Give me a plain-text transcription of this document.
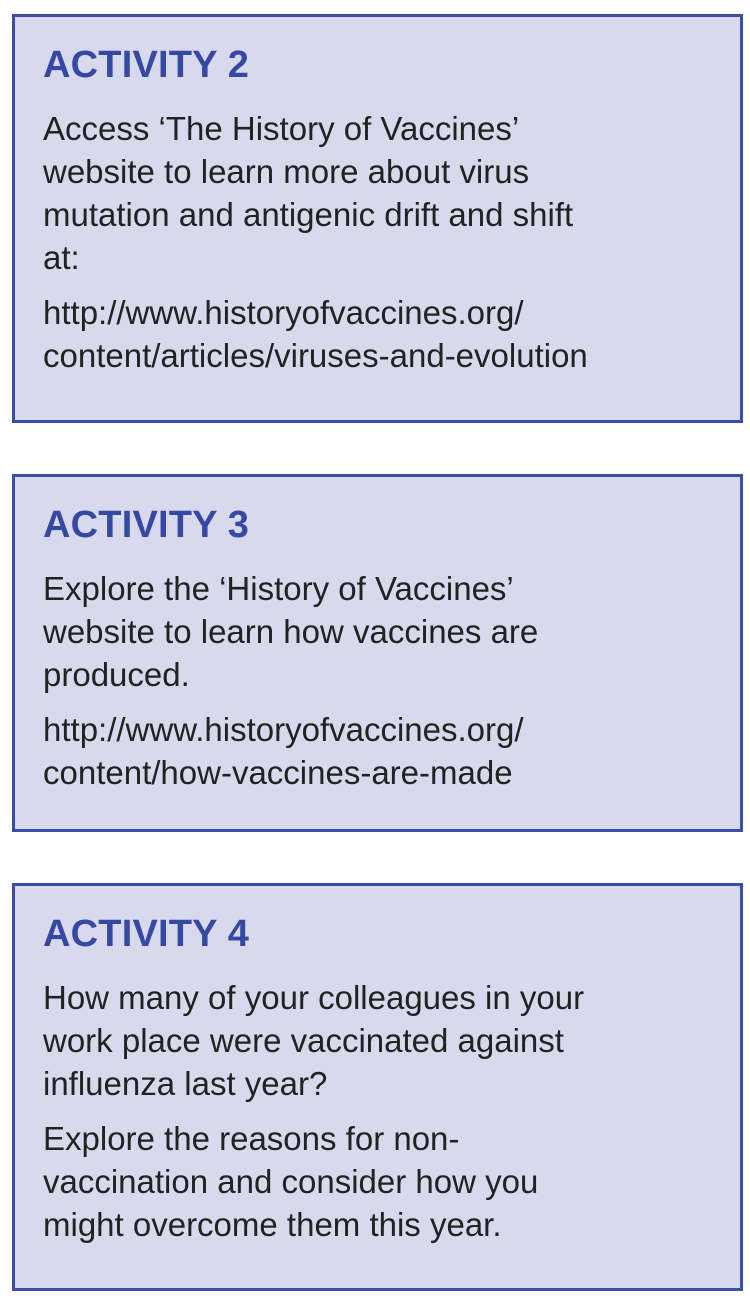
ACTIVITY 2

Access ‘The History of Vaccines’
website to learn more about virus
mutation and antigenic drift and shift
at:

http://www.historyofvaccines.org/
content/articles/viruses-and-evolution

ACTIVITY 3

Explore the ‘History of Vaccines’
website to learn how vaccines are
produced.

http://www.historyofvaccines.org/
content/how-vaccines-are-made

ACTIVITY 4

How many of your colleagues in your
work place were vaccinated against
influenza last year?

Explore the reasons for non-
vaccination and consider how you
might overcome them this year.
